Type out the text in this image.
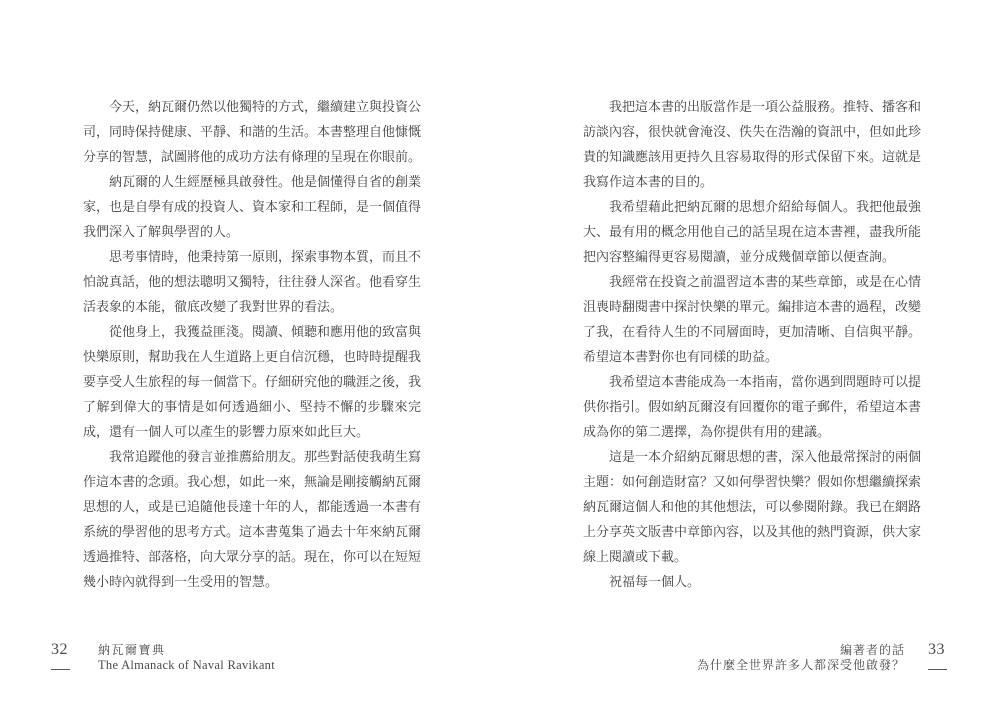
今天，納瓦爾仍然以他獨特的方式，繼續建立與投資公司，同時保持健康、平靜、和諧的生活。本書整理自他慷慨分享的智慧，試圖將他的成功方法有條理的呈現在你眼前。

納瓦爾的人生經歷極具啟發性。他是個懂得自省的創業家，也是自學有成的投資人、資本家和工程師，是一個值得我們深入了解與學習的人。

思考事情時，他秉持第一原則，探索事物本質，而且不怕說真話，他的想法聰明又獨特，往往發人深省。他看穿生活表象的本能，徹底改變了我對世界的看法。

從他身上，我獲益匪淺。閱讀、傾聽和應用他的致富與快樂原則，幫助我在人生道路上更自信沉穩，也時時提醒我要享受人生旅程的每一個當下。仔細研究他的職涯之後，我了解到偉大的事情是如何透過細小、堅持不懈的步驟來完成，還有一個人可以產生的影響力原來如此巨大。

我常追蹤他的發言並推薦給朋友。那些對話使我萌生寫作這本書的念頭。我心想，如此一來，無論是剛接觸納瓦爾思想的人，或是已追隨他長達十年的人，都能透過一本書有系統的學習他的思考方式。這本書蒐集了過去十年來納瓦爾透過推特、部落格，向大眾分享的話。現在，你可以在短短幾小時內就得到一生受用的智慧。

我把這本書的出版當作是一項公益服務。推特、播客和訪談內容，很快就會淹沒、佚失在浩瀚的資訊中，但如此珍貴的知識應該用更持久且容易取得的形式保留下來。這就是我寫作這本書的目的。

我希望藉此把納瓦爾的思想介紹給每個人。我把他最強大、最有用的概念用他自己的話呈現在這本書裡，盡我所能把內容整編得更容易閱讀，並分成幾個章節以便查詢。

我經常在投資之前溫習這本書的某些章節，或是在心情沮喪時翻閱書中探討快樂的單元。編排這本書的過程，改變了我，在看待人生的不同層面時，更加清晰、自信與平靜。希望這本書對你也有同樣的助益。

我希望這本書能成為一本指南，當你遇到問題時可以提供你指引。假如納瓦爾沒有回覆你的電子郵件，希望這本書成為你的第二選擇，為你提供有用的建議。

這是一本介紹納瓦爾思想的書，深入他最常探討的兩個主題：如何創造財富？又如何學習快樂？假如你想繼續探索納瓦爾這個人和他的其他想法，可以參閱附錄。我已在網路上分享英文版書中章節內容，以及其他的熱門資源，供大家線上閱讀或下載。

祝福每一個人。

32	納瓦爾寶典
The Almanack of Naval Ravikant
編著者的話
為什麼全世界許多人都深受他啟發？
33
